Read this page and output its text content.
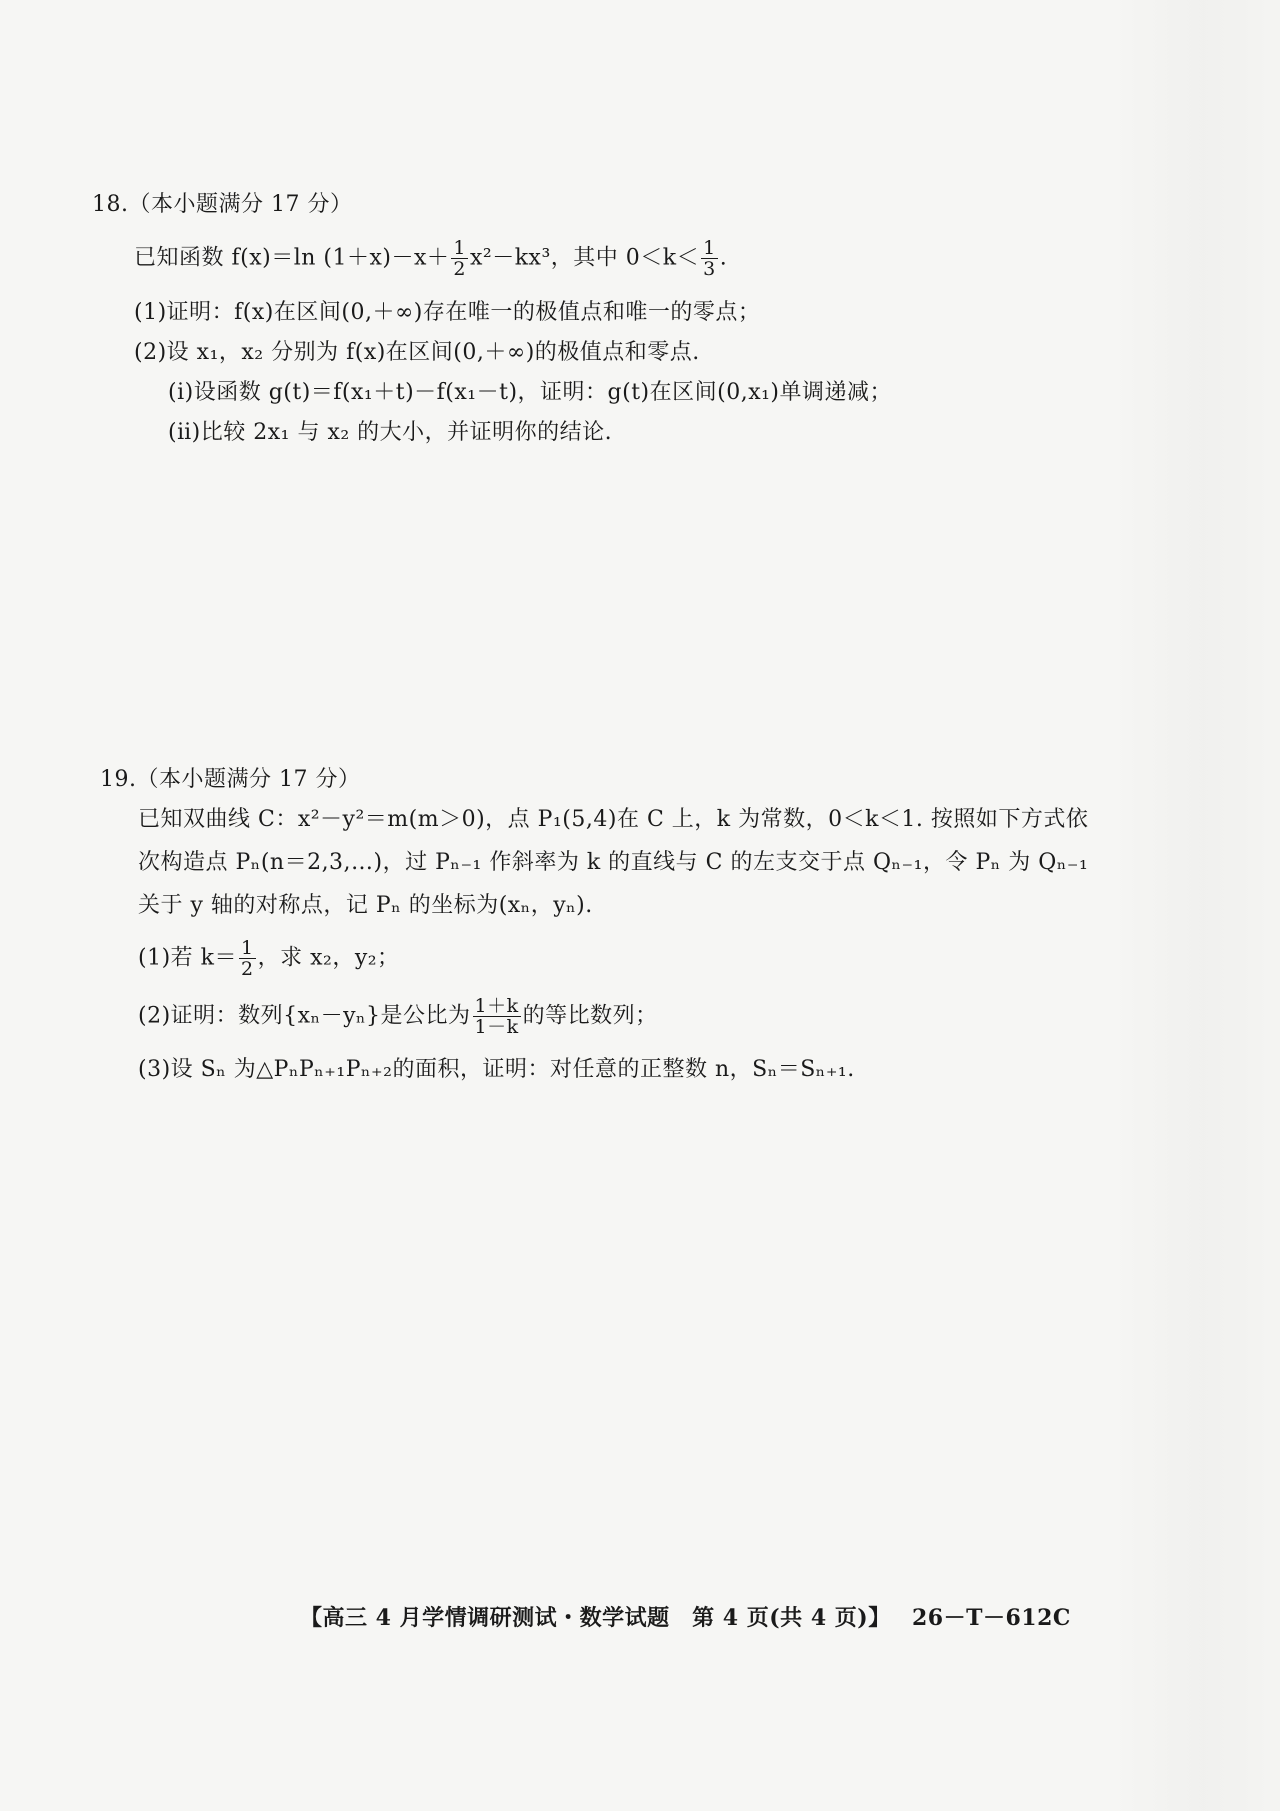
18.（本小题满分 17 分）
已知函数 f(x)＝ln $(1+x)-x+ \frac{1}{2} x^2-kx^3$，其中 $0<k< \frac{1}{3}$ .
(1)证明：f(x)在区间(0,＋∞)存在唯一的极值点和唯一的零点；
(2)设 x₁，x₂ 分别为 f(x)在区间(0,＋∞)的极值点和零点.
(ⅰ)设函数 g(t)＝f(x₁＋t)－f(x₁－t)，证明：g(t)在区间(0,x₁)单调递减；
(ⅱ)比较 2x₁ 与 x₂ 的大小，并证明你的结论.
19.（本小题满分 17 分）
已知双曲线 C：x²－y²＝m(m＞0)，点 P₁(5,4)在 C 上，k 为常数，0＜k＜1. 按照如下方式依
次构造点 Pₙ(n＝2,3,…)，过 Pₙ₋₁ 作斜率为 k 的直线与 C 的左支交于点 Qₙ₋₁，令 Pₙ 为 Qₙ₋₁
关于 y 轴的对称点，记 Pₙ 的坐标为(xₙ，yₙ).
(1)若 $k= \frac{1}{2}$ ，求 x₂，y₂；
(2)证明：数列{xₙ－yₙ}是公比为 $\frac{1+k}{1-k}$ 的等比数列；
(3)设 Sₙ 为△PₙPₙ₊₁Pₙ₊₂的面积，证明：对任意的正整数 n，Sₙ＝Sₙ₊₁.
【高三 4 月学情调研测试・数学试题　第 4 页(共 4 页)】 26－T－612C
